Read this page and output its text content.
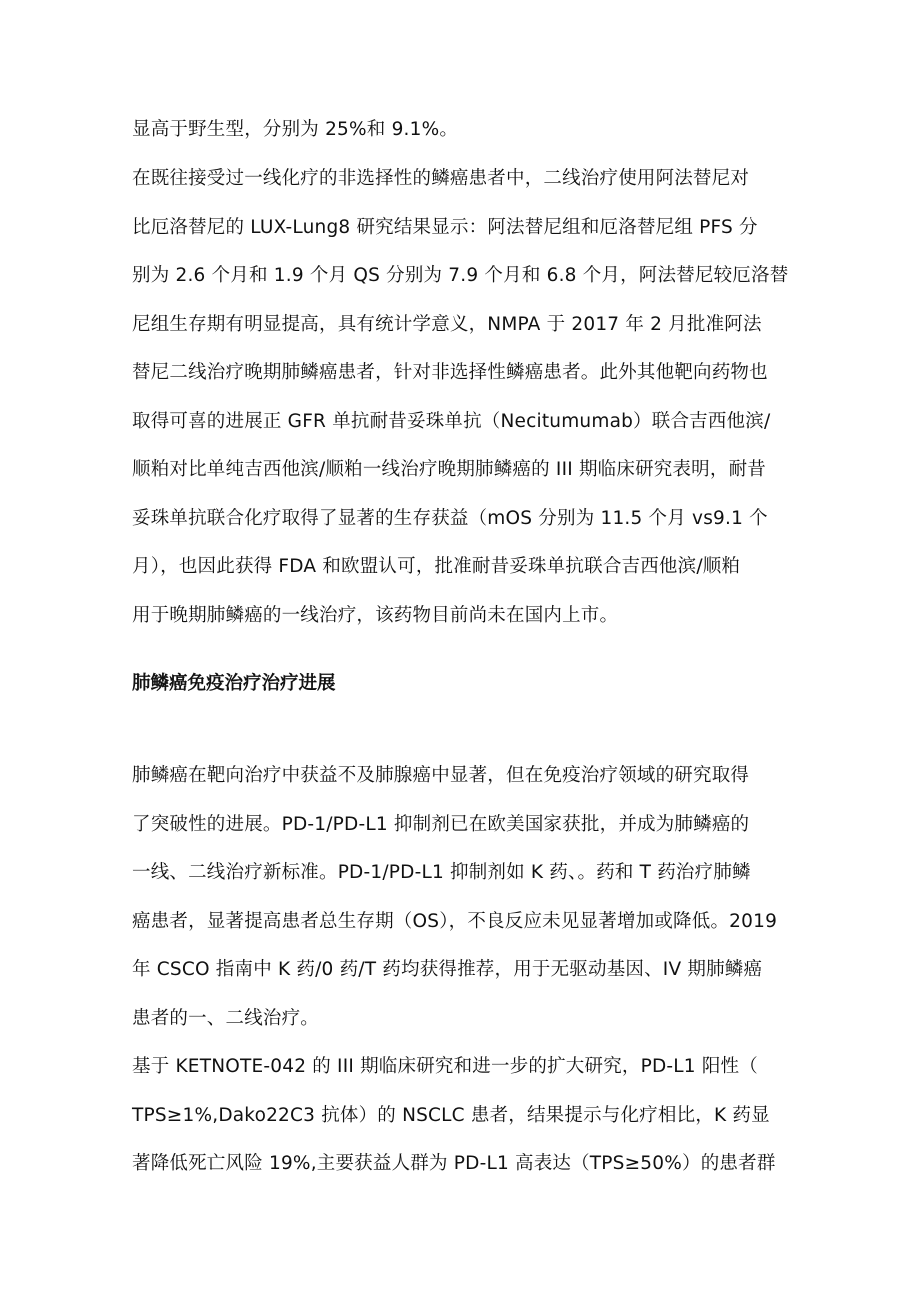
显高于野生型，分别为 25%和 9.1%。

在既往接受过一线化疗的非选择性的鳞癌患者中，二线治疗使用阿法替尼对
比厄洛替尼的 LUX-Lung8 研究结果显示：阿法替尼组和厄洛替尼组 PFS 分
别为 2.6 个月和 1.9 个月 QS 分别为 7.9 个月和 6.8 个月，阿法替尼较厄洛替
尼组生存期有明显提高，具有统计学意义，NMPA 于 2017 年 2 月批准阿法
替尼二线治疗晚期肺鳞癌患者，针对非选择性鳞癌患者。此外其他靶向药物也
取得可喜的进展正 GFR 单抗耐昔妥珠单抗（Necitumumab）联合吉西他滨/
顺粕对比单纯吉西他滨/顺粕一线治疗晚期肺鳞癌的 III 期临床研究表明，耐昔
妥珠单抗联合化疗取得了显著的生存获益（mOS 分别为 11.5 个月 vs9.1 个
月），也因此获得 FDA 和欧盟认可，批准耐昔妥珠单抗联合吉西他滨/顺粕
用于晚期肺鳞癌的一线治疗，该药物目前尚未在国内上市。

肺鳞癌免疫治疗治疗进展

肺鳞癌在靶向治疗中获益不及肺腺癌中显著，但在免疫治疗领域的研究取得
了突破性的进展。PD-1/PD-L1 抑制剂已在欧美国家获批，并成为肺鳞癌的
一线、二线治疗新标准。PD-1/PD-L1 抑制剂如 K 药、。药和 T 药治疗肺鳞
癌患者，显著提高患者总生存期（OS），不良反应未见显著增加或降低。2019
年 CSCO 指南中 K 药/0 药/T 药均获得推荐，用于无驱动基因、IV 期肺鳞癌
患者的一、二线治疗。

基于 KETNOTE-042 的 III 期临床研究和进一步的扩大研究，PD-L1 阳性（
TPS≥1%,Dako22C3 抗体）的 NSCLC 患者，结果提示与化疗相比，K 药显
著降低死亡风险 19%,主要获益人群为 PD-L1 高表达（TPS≥50%）的患者群
